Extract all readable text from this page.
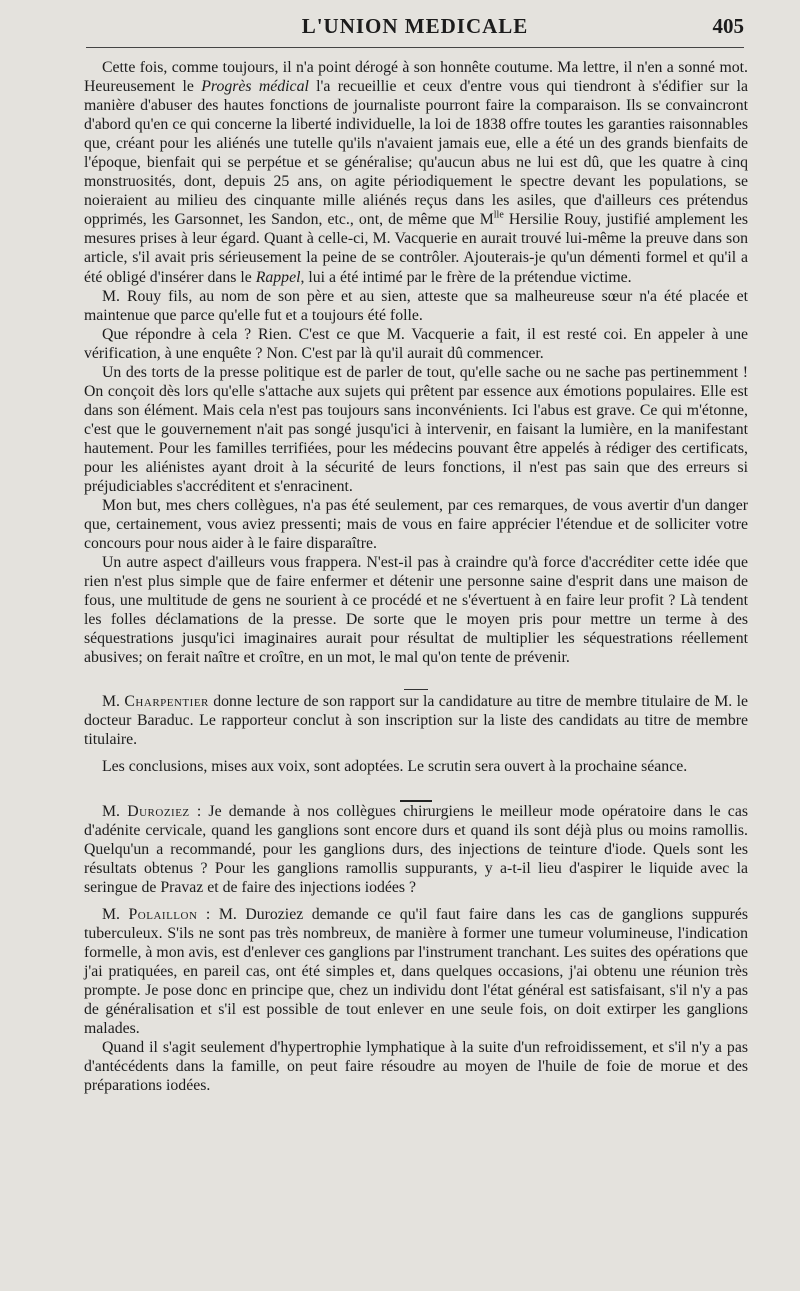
L'UNION MEDICALE	405

Cette fois, comme toujours, il n'a point dérogé à son honnête coutume. Ma lettre, il n'en a sonné mot. Heureusement le Progrès médical l'a recueillie et ceux d'entre vous qui tiendront à s'édifier sur la manière d'abuser des hautes fonctions de journaliste pourront faire la comparaison. Ils se convaincront d'abord qu'en ce qui concerne la liberté individuelle, la loi de 1838 offre toutes les garanties raisonnables que, créant pour les aliénés une tutelle qu'ils n'avaient jamais eue, elle a été un des grands bienfaits de l'époque, bienfait qui se perpétue et se généralise; qu'aucun abus ne lui est dû, que les quatre à cinq monstruosités, dont, depuis 25 ans, on agite périodiquement le spectre devant les populations, se noieraient au milieu des cinquante mille aliénés reçus dans les asiles, que d'ailleurs ces prétendus opprimés, les Garsonnet, les Sandon, etc., ont, de même que $M^{lle}$ Hersilie Rouy, justifié amplement les mesures prises à leur égard. Quant à celle-ci, M. Vacquerie en aurait trouvé lui-même la preuve dans son article, s'il avait pris sérieusement la peine de se contrôler. Ajouterais-je qu'un démenti formel et qu'il a été obligé d'insérer dans le Rappel, lui a été intimé par le frère de la prétendue victime.

M. Rouy fils, au nom de son père et au sien, atteste que sa malheureuse sœur n'a été placée et maintenue que parce qu'elle fut et a toujours été folle.

Que répondre à cela ? Rien. C'est ce que M. Vacquerie a fait, il est resté coi. En appeler à une vérification, à une enquête ? Non. C'est par là qu'il aurait dû commencer.

Un des torts de la presse politique est de parler de tout, qu'elle sache ou ne sache pas pertinemment ! On conçoit dès lors qu'elle s'attache aux sujets qui prêtent par essence aux émotions populaires. Elle est dans son élément. Mais cela n'est pas toujours sans inconvénients. Ici l'abus est grave. Ce qui m'étonne, c'est que le gouvernement n'ait pas songé jusqu'ici à intervenir, en faisant la lumière, en la manifestant hautement. Pour les familles terrifiées, pour les médecins pouvant être appelés à rédiger des certificats, pour les aliénistes ayant droit à la sécurité de leurs fonctions, il n'est pas sain que des erreurs si préjudiciables s'accréditent et s'enracinent.

Mon but, mes chers collègues, n'a pas été seulement, par ces remarques, de vous avertir d'un danger que, certainement, vous aviez pressenti; mais de vous en faire apprécier l'étendue et de solliciter votre concours pour nous aider à le faire disparaître.

Un autre aspect d'ailleurs vous frappera. N'est-il pas à craindre qu'à force d'accréditer cette idée que rien n'est plus simple que de faire enfermer et détenir une personne saine d'esprit dans une maison de fous, une multitude de gens ne sourient à ce procédé et ne s'évertuent à en faire leur profit ? Là tendent les folles déclamations de la presse. De sorte que le moyen pris pour mettre un terme à des séquestrations jusqu'ici imaginaires aurait pour résultat de multiplier les séquestrations réellement abusives; on ferait naître et croître, en un mot, le mal qu'on tente de prévenir.

M. Charpentier donne lecture de son rapport sur la candidature au titre de membre titulaire de M. le docteur Baraduc. Le rapporteur conclut à son inscription sur la liste des candidats au titre de membre titulaire.

Les conclusions, mises aux voix, sont adoptées. Le scrutin sera ouvert à la prochaine séance.

M. Duroziez : Je demande à nos collègues chirurgiens le meilleur mode opératoire dans le cas d'adénite cervicale, quand les ganglions sont encore durs et quand ils sont déjà plus ou moins ramollis. Quelqu'un a recommandé, pour les ganglions durs, des injections de teinture d'iode. Quels sont les résultats obtenus ? Pour les ganglions ramollis suppurants, y a-t-il lieu d'aspirer le liquide avec la seringue de Pravaz et de faire des injections iodées ?

M. Polaillon : M. Duroziez demande ce qu'il faut faire dans les cas de ganglions suppurés tuberculeux. S'ils ne sont pas très nombreux, de manière à former une tumeur volumineuse, l'indication formelle, à mon avis, est d'enlever ces ganglions par l'instrument tranchant. Les suites des opérations que j'ai pratiquées, en pareil cas, ont été simples et, dans quelques occasions, j'ai obtenu une réunion très prompte. Je pose donc en principe que, chez un individu dont l'état général est satisfaisant, s'il n'y a pas de généralisation et s'il est possible de tout enlever en une seule fois, on doit extirper les ganglions malades.

Quand il s'agit seulement d'hypertrophie lymphatique à la suite d'un refroidissement, et s'il n'y a pas d'antécédents dans la famille, on peut faire résoudre au moyen de l'huile de foie de morue et des préparations iodées.
